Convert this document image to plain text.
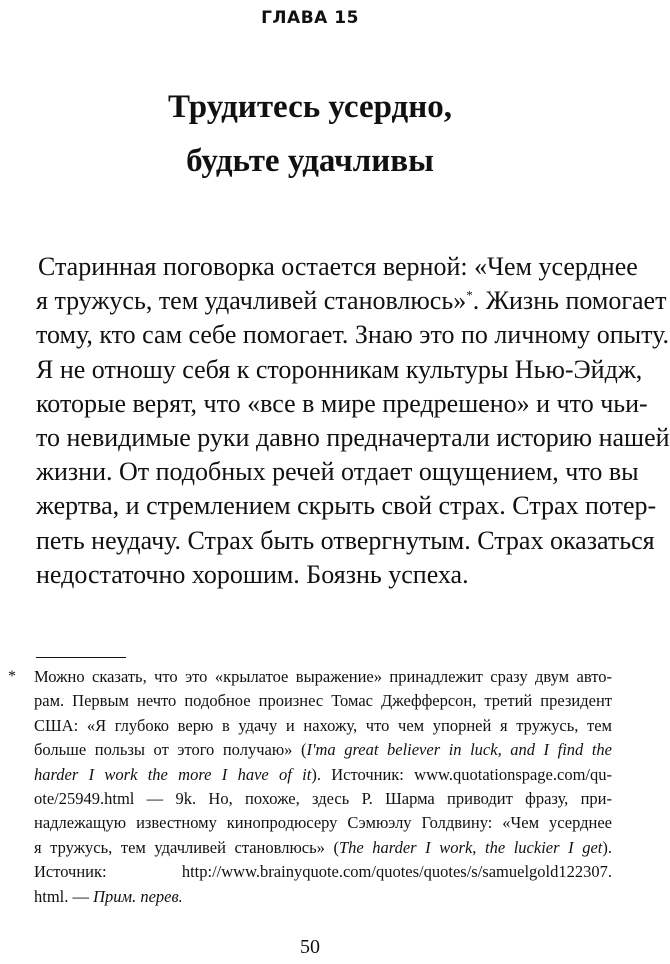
ГЛАВА 15
Трудитесь усердно,
будьте удачливы
Старинная поговорка остается верной: «Чем усерднее
я тружусь, тем удачливей становлюсь»*. Жизнь помогает
тому, кто сам себе помогает. Знаю это по личному опыту.
Я не отношу себя к сторонникам культуры Нью-Эйдж,
которые верят, что «все в мире предрешено» и что чьи-
то невидимые руки давно предначертали историю нашей
жизни. От подобных речей отдает ощущением, что вы
жертва, и стремлением скрыть свой страх. Страх потер-
петь неудачу. Страх быть отвергнутым. Страх оказаться
недостаточно хорошим. Боязнь успеха.
* Можно сказать, что это «крылатое выражение» принадлежит сразу двум авто-
рам. Первым нечто подобное произнес Томас Джефферсон, третий президент
США: «Я глубоко верю в удачу и нахожу, что чем упорней я тружусь, тем
больше пользы от этого получаю» (I'ma great believer in luck, and I find the
harder I work the more I have of it). Источник: www.quotationspage.com/qu-
ote/25949.html — 9k. Но, похоже, здесь Р. Шарма приводит фразу, при-
надлежащую известному кинопродюсеру Сэмюэлу Голдвину: «Чем усерднее
я тружусь, тем удачливей становлюсь» (The harder I work, the luckier I get).
Источник: http://www.brainyquote.com/quotes/quotes/s/samuelgold122307.
html. — Прим. перев.
50
